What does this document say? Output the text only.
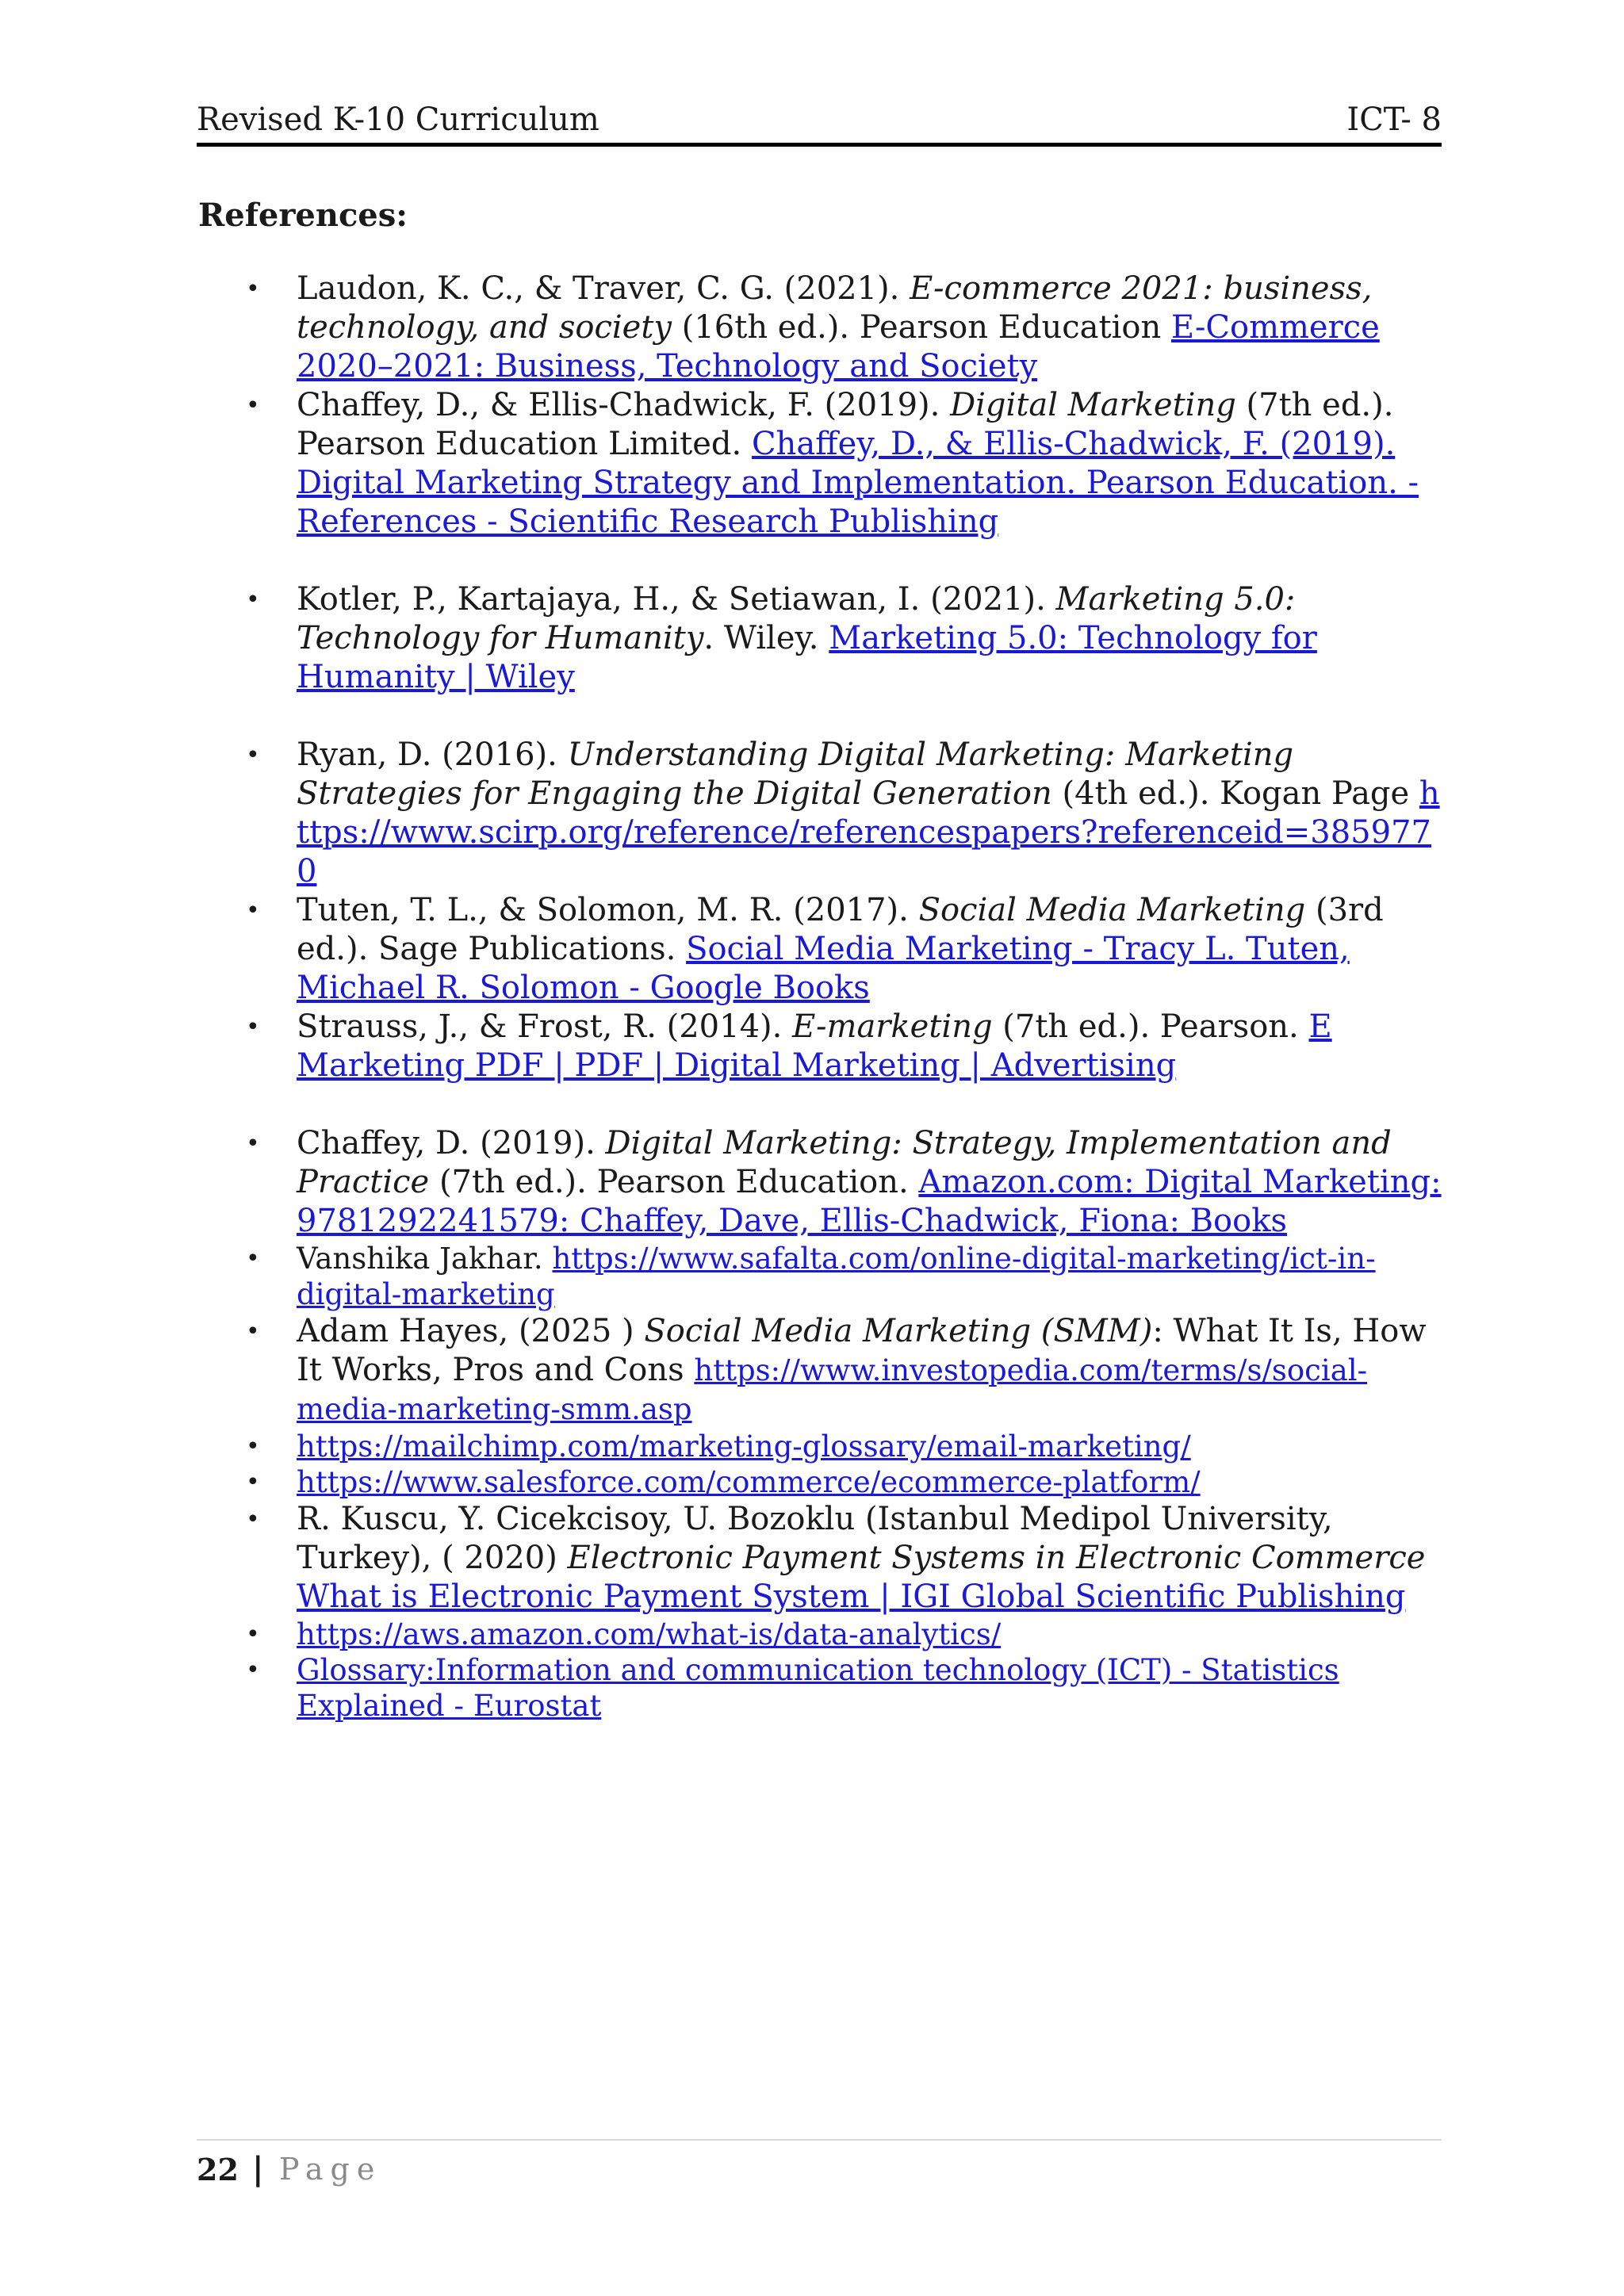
Revised K-10 Curriculum	ICT- 8
References:
• Laudon, K. C., & Traver, C. G. (2021). E-commerce 2021: business, technology, and society (16th ed.). Pearson Education E-Commerce 2020–2021: Business, Technology and Society
• Chaffey, D., & Ellis-Chadwick, F. (2019). Digital Marketing (7th ed.). Pearson Education Limited. Chaffey, D., & Ellis-Chadwick, F. (2019). Digital Marketing Strategy and Implementation. Pearson Education. - References - Scientific Research Publishing
• Kotler, P., Kartajaya, H., & Setiawan, I. (2021). Marketing 5.0: Technology for Humanity. Wiley. Marketing 5.0: Technology for Humanity | Wiley
• Ryan, D. (2016). Understanding Digital Marketing: Marketing Strategies for Engaging the Digital Generation (4th ed.). Kogan Page https://www.scirp.org/reference/referencespapers?referenceid=3859770
• Tuten, T. L., & Solomon, M. R. (2017). Social Media Marketing (3rd ed.). Sage Publications. Social Media Marketing - Tracy L. Tuten, Michael R. Solomon - Google Books
• Strauss, J., & Frost, R. (2014). E-marketing (7th ed.). Pearson. E Marketing PDF | PDF | Digital Marketing | Advertising
• Chaffey, D. (2019). Digital Marketing: Strategy, Implementation and Practice (7th ed.). Pearson Education. Amazon.com: Digital Marketing: 9781292241579: Chaffey, Dave, Ellis-Chadwick, Fiona: Books
• Vanshika Jakhar. https://www.safalta.com/online-digital-marketing/ict-in-digital-marketing
• Adam Hayes, (2025 ) Social Media Marketing (SMM): What It Is, How It Works, Pros and Cons https://www.investopedia.com/terms/s/social-media-marketing-smm.asp
• https://mailchimp.com/marketing-glossary/email-marketing/
• https://www.salesforce.com/commerce/ecommerce-platform/
• R. Kuscu, Y. Cicekcisoy, U. Bozoklu (Istanbul Medipol University, Turkey), ( 2020) Electronic Payment Systems in Electronic Commerce What is Electronic Payment System | IGI Global Scientific Publishing
• https://aws.amazon.com/what-is/data-analytics/
• Glossary:Information and communication technology (ICT) - Statistics Explained - Eurostat
22 | Page
